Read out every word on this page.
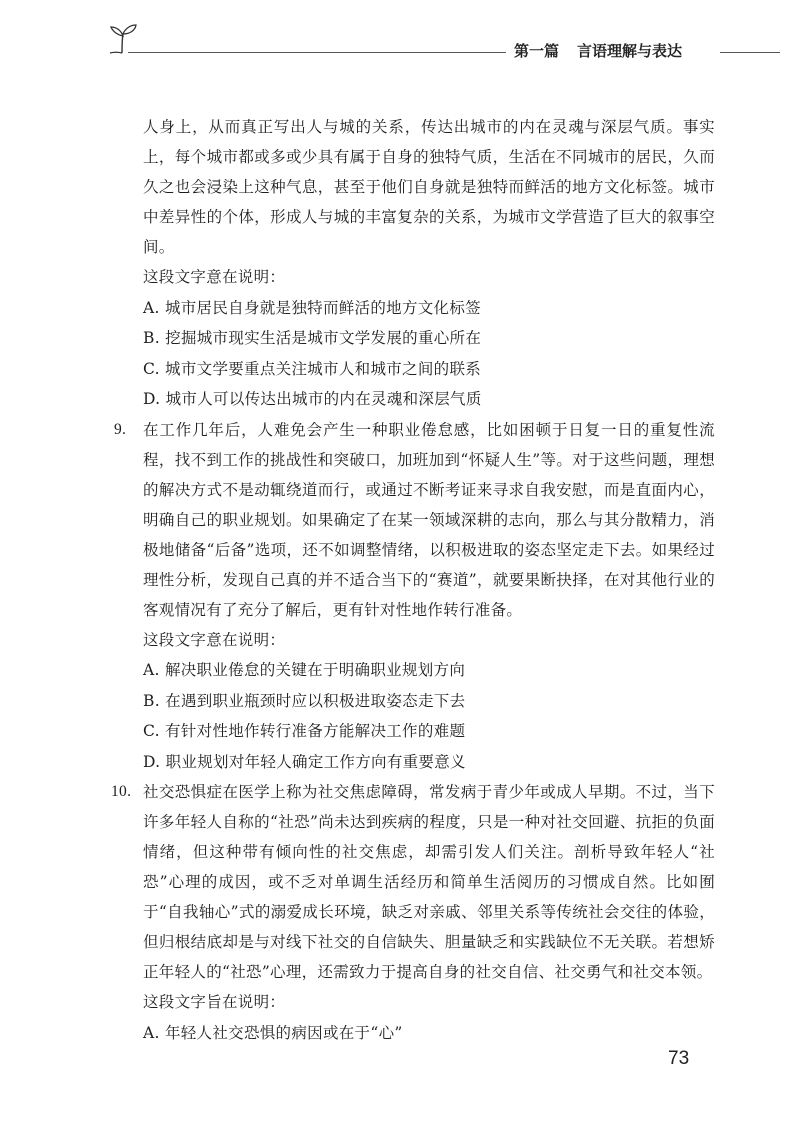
第一篇 言语理解与表达

人身上，从而真正写出人与城的关系，传达出城市的内在灵魂与深层气质。事实上，每个城市都或多或少具有属于自身的独特气质，生活在不同城市的居民，久而久之也会浸染上这种气息，甚至于他们自身就是独特而鲜活的地方文化标签。城市中差异性的个体，形成人与城的丰富复杂的关系，为城市文学营造了巨大的叙事空间。

这段文字意在说明：

A. 城市居民自身就是独特而鲜活的地方文化标签

B. 挖掘城市现实生活是城市文学发展的重心所在

C. 城市文学要重点关注城市人和城市之间的联系

D. 城市人可以传达出城市的内在灵魂和深层气质

9.	在工作几年后，人难免会产生一种职业倦怠感，比如困顿于日复一日的重复性流程，找不到工作的挑战性和突破口，加班加到“怀疑人生”等。对于这些问题，理想的解决方式不是动辄绕道而行，或通过不断考证来寻求自我安慰，而是直面内心，明确自己的职业规划。如果确定了在某一领域深耕的志向，那么与其分散精力，消极地储备“后备”选项，还不如调整情绪，以积极进取的姿态坚定走下去。如果经过理性分析，发现自己真的并不适合当下的“赛道”，就要果断抉择，在对其他行业的客观情况有了充分了解后，更有针对性地作转行准备。

这段文字意在说明：

A. 解决职业倦怠的关键在于明确职业规划方向

B. 在遇到职业瓶颈时应以积极进取姿态走下去

C. 有针对性地作转行准备方能解决工作的难题

D. 职业规划对年轻人确定工作方向有重要意义

10. 社交恐惧症在医学上称为社交焦虑障碍，常发病于青少年或成人早期。不过，当下许多年轻人自称的“社恐”尚未达到疾病的程度，只是一种对社交回避、抗拒的负面情绪，但这种带有倾向性的社交焦虑，却需引发人们关注。剖析导致年轻人“社恐”心理的成因，或不乏对单调生活经历和简单生活阅历的习惯成自然。比如囿于“自我轴心”式的溺爱成长环境，缺乏对亲戚、邻里关系等传统社会交往的体验，但归根结底却是与对线下社交的自信缺失、胆量缺乏和实践缺位不无关联。若想矫正年轻人的“社恐”心理，还需致力于提高自身的社交自信、社交勇气和社交本领。

这段文字旨在说明：

A. 年轻人社交恐惧的病因或在于“心”

73
